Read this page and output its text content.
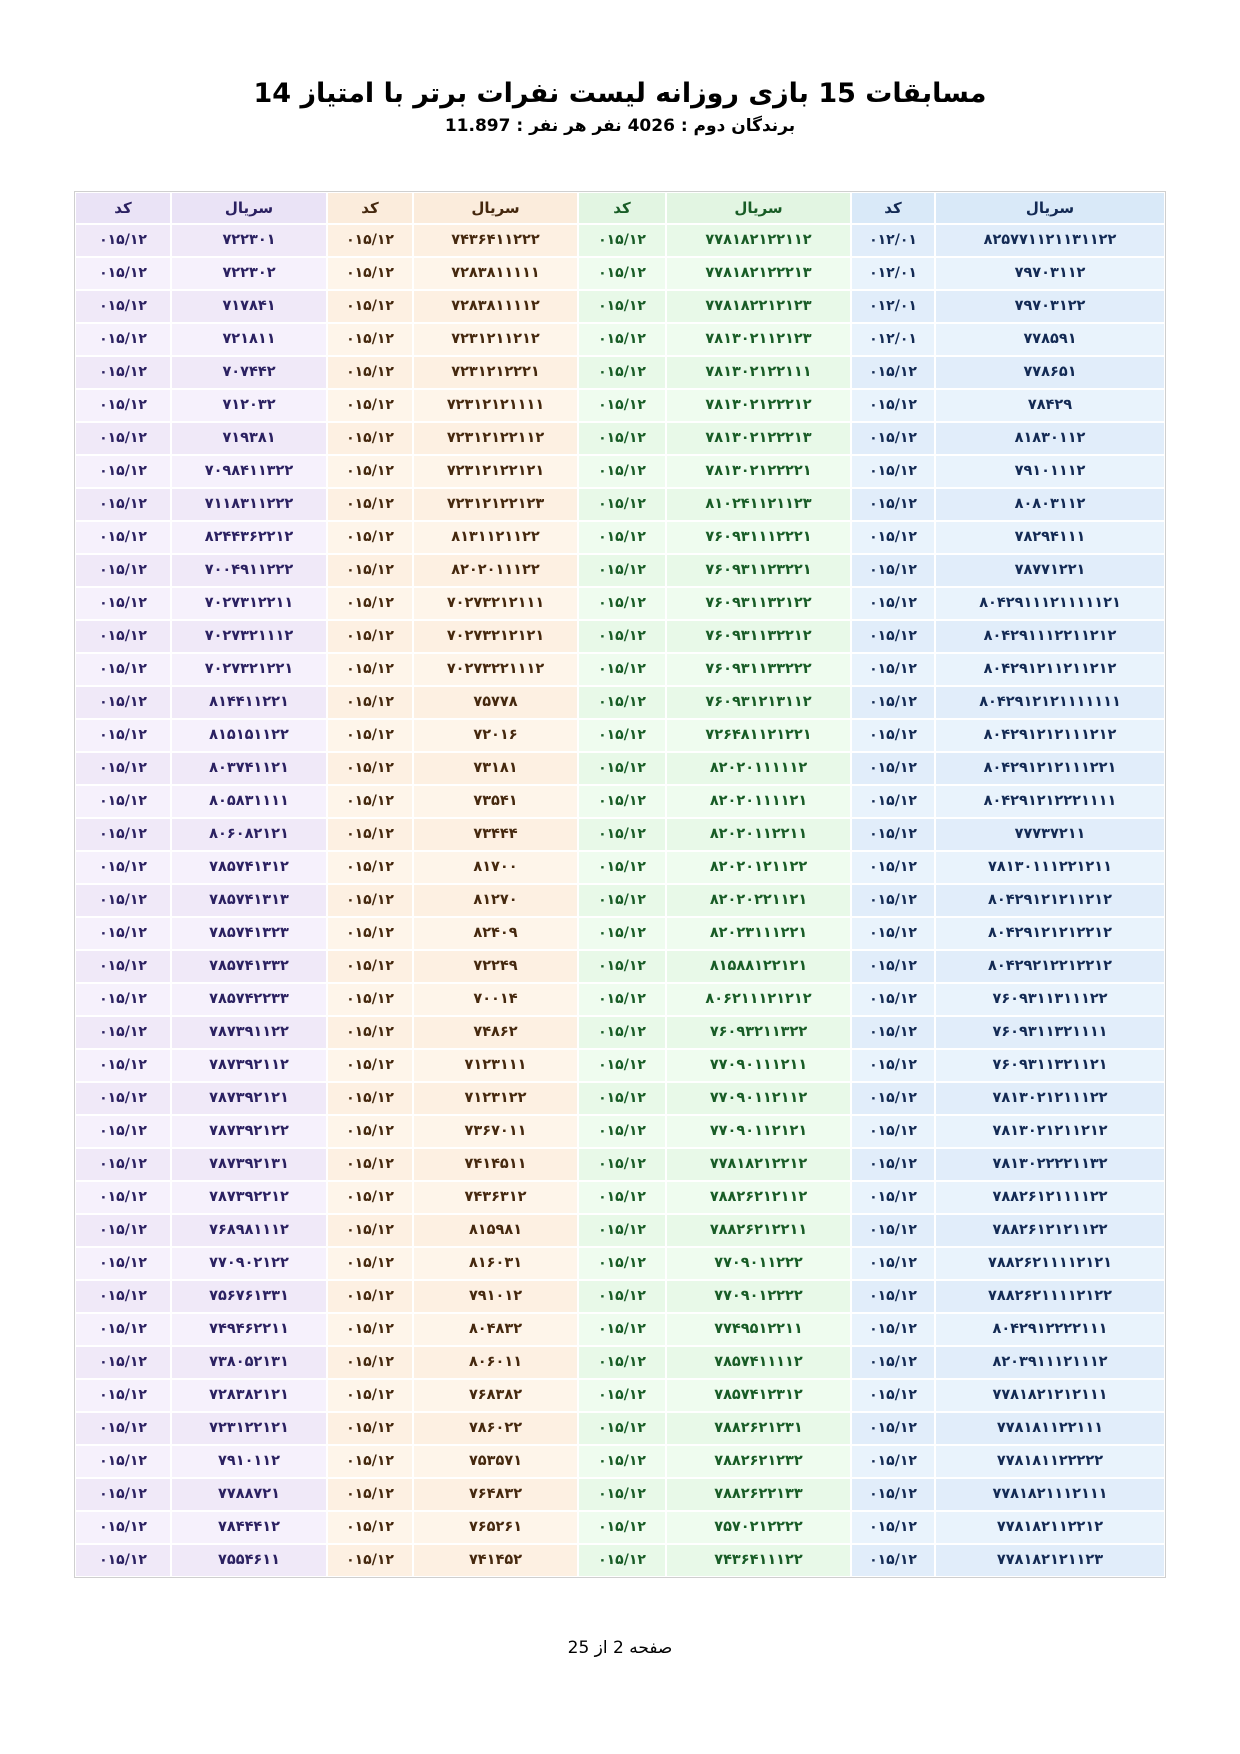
مسابقات 15 بازی روزانه لیست نفرات برتر با امتیاز 14
برندگان دوم : 4026 نفر هر نفر : 11.897
کد	سریال	کد	سریال	کد	سریال	کد	سریال
۰۱۵/۱۲	۷۲۲۳۰۱	۰۱۵/۱۲	۷۴۳۶۴۱۱۲۲۲	۰۱۵/۱۲	۷۷۸۱۸۲۱۲۲۱۱۲	۰۱۲/۰۱	۸۲۵۷۷۱۱۲۱۱۳۱۱۲۲
۰۱۵/۱۲	۷۲۲۳۰۲	۰۱۵/۱۲	۷۲۸۳۸۱۱۱۱۱	۰۱۵/۱۲	۷۷۸۱۸۲۱۲۲۲۱۳	۰۱۲/۰۱	۷۹۷۰۳۱۱۲
۰۱۵/۱۲	۷۱۷۸۴۱	۰۱۵/۱۲	۷۲۸۳۸۱۱۱۱۲	۰۱۵/۱۲	۷۷۸۱۸۲۲۱۲۱۲۳	۰۱۲/۰۱	۷۹۷۰۳۱۲۲
۰۱۵/۱۲	۷۲۱۸۱۱	۰۱۵/۱۲	۷۲۳۱۲۱۱۲۱۲	۰۱۵/۱۲	۷۸۱۳۰۲۱۱۲۱۲۳	۰۱۲/۰۱	۷۷۸۵۹۱
۰۱۵/۱۲	۷۰۷۴۴۲	۰۱۵/۱۲	۷۲۳۱۲۱۲۲۲۱	۰۱۵/۱۲	۷۸۱۳۰۲۱۲۲۱۱۱	۰۱۵/۱۲	۷۷۸۶۵۱
۰۱۵/۱۲	۷۱۲۰۳۲	۰۱۵/۱۲	۷۲۳۱۲۱۲۱۱۱۱	۰۱۵/۱۲	۷۸۱۳۰۲۱۲۲۲۱۲	۰۱۵/۱۲	۷۸۴۲۹
۰۱۵/۱۲	۷۱۹۳۸۱	۰۱۵/۱۲	۷۲۳۱۲۱۲۲۱۱۲	۰۱۵/۱۲	۷۸۱۳۰۲۱۲۲۲۱۳	۰۱۵/۱۲	۸۱۸۳۰۱۱۲
۰۱۵/۱۲	۷۰۹۸۴۱۱۳۲۲	۰۱۵/۱۲	۷۲۳۱۲۱۲۲۱۲۱	۰۱۵/۱۲	۷۸۱۳۰۲۱۲۲۲۲۱	۰۱۵/۱۲	۷۹۱۰۱۱۱۲
۰۱۵/۱۲	۷۱۱۸۳۱۱۲۲۲	۰۱۵/۱۲	۷۲۳۱۲۱۲۲۱۲۳	۰۱۵/۱۲	۸۱۰۲۴۱۱۲۱۱۲۳	۰۱۵/۱۲	۸۰۸۰۳۱۱۲
۰۱۵/۱۲	۸۲۴۴۳۶۲۲۱۲	۰۱۵/۱۲	۸۱۳۱۱۲۱۱۲۲	۰۱۵/۱۲	۷۶۰۹۳۱۱۱۲۲۲۱	۰۱۵/۱۲	۷۸۲۹۴۱۱۱
۰۱۵/۱۲	۷۰۰۴۹۱۱۲۲۲	۰۱۵/۱۲	۸۲۰۲۰۱۱۱۲۲	۰۱۵/۱۲	۷۶۰۹۳۱۱۲۳۲۲۱	۰۱۵/۱۲	۷۸۷۷۱۲۲۱
۰۱۵/۱۲	۷۰۲۷۳۱۲۲۱۱	۰۱۵/۱۲	۷۰۲۷۳۲۱۲۱۱۱	۰۱۵/۱۲	۷۶۰۹۳۱۱۳۲۱۲۲	۰۱۵/۱۲	۸۰۴۲۹۱۱۱۲۱۱۱۱۱۲۱
۰۱۵/۱۲	۷۰۲۷۳۲۱۱۱۲	۰۱۵/۱۲	۷۰۲۷۳۲۱۲۱۲۱	۰۱۵/۱۲	۷۶۰۹۳۱۱۳۲۲۱۲	۰۱۵/۱۲	۸۰۴۲۹۱۱۱۲۲۱۱۲۱۲
۰۱۵/۱۲	۷۰۲۷۳۲۱۲۲۱	۰۱۵/۱۲	۷۰۲۷۳۲۲۱۱۱۲	۰۱۵/۱۲	۷۶۰۹۳۱۱۳۳۲۲۲	۰۱۵/۱۲	۸۰۴۲۹۱۲۱۱۲۱۱۲۱۲
۰۱۵/۱۲	۸۱۴۴۱۱۲۲۱	۰۱۵/۱۲	۷۵۷۷۸	۰۱۵/۱۲	۷۶۰۹۳۱۲۱۳۱۱۲	۰۱۵/۱۲	۸۰۴۲۹۱۲۱۲۱۱۱۱۱۱۱
۰۱۵/۱۲	۸۱۵۱۵۱۱۲۲	۰۱۵/۱۲	۷۲۰۱۶	۰۱۵/۱۲	۷۲۶۴۸۱۱۲۱۲۲۱	۰۱۵/۱۲	۸۰۴۲۹۱۲۱۲۱۱۱۲۱۲
۰۱۵/۱۲	۸۰۳۷۴۱۱۲۱	۰۱۵/۱۲	۷۳۱۸۱	۰۱۵/۱۲	۸۲۰۲۰۱۱۱۱۱۲	۰۱۵/۱۲	۸۰۴۲۹۱۲۱۲۱۱۱۲۲۱
۰۱۵/۱۲	۸۰۵۸۳۱۱۱۱	۰۱۵/۱۲	۷۳۵۴۱	۰۱۵/۱۲	۸۲۰۲۰۱۱۱۱۲۱	۰۱۵/۱۲	۸۰۴۲۹۱۲۱۲۲۲۱۱۱۱
۰۱۵/۱۲	۸۰۶۰۸۲۱۲۱	۰۱۵/۱۲	۷۳۴۴۴	۰۱۵/۱۲	۸۲۰۲۰۱۱۲۲۱۱	۰۱۵/۱۲	۷۷۷۳۷۲۱۱
۰۱۵/۱۲	۷۸۵۷۴۱۳۱۲	۰۱۵/۱۲	۸۱۷۰۰	۰۱۵/۱۲	۸۲۰۲۰۱۲۱۱۲۲	۰۱۵/۱۲	۷۸۱۳۰۱۱۱۲۲۱۲۱۱
۰۱۵/۱۲	۷۸۵۷۴۱۳۱۳	۰۱۵/۱۲	۸۱۲۷۰	۰۱۵/۱۲	۸۲۰۲۰۲۲۱۱۲۱	۰۱۵/۱۲	۸۰۴۲۹۱۲۱۲۱۱۲۱۲
۰۱۵/۱۲	۷۸۵۷۴۱۳۲۳	۰۱۵/۱۲	۸۲۴۰۹	۰۱۵/۱۲	۸۲۰۲۳۱۱۱۲۲۱	۰۱۵/۱۲	۸۰۴۲۹۱۲۱۲۱۲۲۱۲
۰۱۵/۱۲	۷۸۵۷۴۱۳۳۲	۰۱۵/۱۲	۷۲۲۴۹	۰۱۵/۱۲	۸۱۵۸۸۱۲۲۱۲۱	۰۱۵/۱۲	۸۰۴۲۹۲۱۲۲۱۲۲۱۲
۰۱۵/۱۲	۷۸۵۷۴۲۲۳۳	۰۱۵/۱۲	۷۰۰۱۴	۰۱۵/۱۲	۸۰۶۲۱۱۱۲۱۲۱۲	۰۱۵/۱۲	۷۶۰۹۳۱۱۳۱۱۱۲۲
۰۱۵/۱۲	۷۸۷۳۹۱۱۲۲	۰۱۵/۱۲	۷۴۸۶۲	۰۱۵/۱۲	۷۶۰۹۳۲۱۱۳۲۲	۰۱۵/۱۲	۷۶۰۹۳۱۱۳۲۱۱۱۱
۰۱۵/۱۲	۷۸۷۳۹۲۱۱۲	۰۱۵/۱۲	۷۱۲۳۱۱۱	۰۱۵/۱۲	۷۷۰۹۰۱۱۱۲۱۱	۰۱۵/۱۲	۷۶۰۹۳۱۱۳۲۱۱۲۱
۰۱۵/۱۲	۷۸۷۳۹۲۱۲۱	۰۱۵/۱۲	۷۱۲۳۱۲۲	۰۱۵/۱۲	۷۷۰۹۰۱۱۲۱۱۲	۰۱۵/۱۲	۷۸۱۳۰۲۱۲۱۱۱۲۲
۰۱۵/۱۲	۷۸۷۳۹۲۱۲۲	۰۱۵/۱۲	۷۳۶۷۰۱۱	۰۱۵/۱۲	۷۷۰۹۰۱۱۲۱۲۱	۰۱۵/۱۲	۷۸۱۳۰۲۱۲۱۱۲۱۲
۰۱۵/۱۲	۷۸۷۳۹۲۱۳۱	۰۱۵/۱۲	۷۴۱۴۵۱۱	۰۱۵/۱۲	۷۷۸۱۸۲۱۲۲۱۲	۰۱۵/۱۲	۷۸۱۳۰۲۲۲۲۱۱۳۲
۰۱۵/۱۲	۷۸۷۳۹۲۲۱۲	۰۱۵/۱۲	۷۴۳۶۳۱۲	۰۱۵/۱۲	۷۸۸۲۶۲۱۲۱۱۲	۰۱۵/۱۲	۷۸۸۲۶۱۲۱۱۱۱۲۲
۰۱۵/۱۲	۷۶۸۹۸۱۱۱۲	۰۱۵/۱۲	۸۱۵۹۸۱	۰۱۵/۱۲	۷۸۸۲۶۲۱۲۲۱۱	۰۱۵/۱۲	۷۸۸۲۶۱۲۱۲۱۱۲۲
۰۱۵/۱۲	۷۷۰۹۰۲۱۲۲	۰۱۵/۱۲	۸۱۶۰۳۱	۰۱۵/۱۲	۷۷۰۹۰۱۱۲۲۲	۰۱۵/۱۲	۷۸۸۲۶۲۱۱۱۱۲۱۲۱
۰۱۵/۱۲	۷۵۶۷۶۱۳۳۱	۰۱۵/۱۲	۷۹۱۰۱۲	۰۱۵/۱۲	۷۷۰۹۰۱۲۲۲۲	۰۱۵/۱۲	۷۸۸۲۶۲۱۱۱۱۲۱۲۲
۰۱۵/۱۲	۷۴۹۴۶۲۲۱۱	۰۱۵/۱۲	۸۰۴۸۳۲	۰۱۵/۱۲	۷۷۴۹۵۱۲۲۱۱	۰۱۵/۱۲	۸۰۴۲۹۱۲۲۲۲۱۱۱
۰۱۵/۱۲	۷۳۸۰۵۲۱۳۱	۰۱۵/۱۲	۸۰۶۰۱۱	۰۱۵/۱۲	۷۸۵۷۴۱۱۱۱۲	۰۱۵/۱۲	۸۲۰۳۹۱۱۱۲۱۱۱۲
۰۱۵/۱۲	۷۲۸۳۸۲۱۲۱	۰۱۵/۱۲	۷۶۸۳۸۲	۰۱۵/۱۲	۷۸۵۷۴۱۲۳۱۲	۰۱۵/۱۲	۷۷۸۱۸۲۱۲۱۲۱۱۱
۰۱۵/۱۲	۷۲۳۱۲۲۱۲۱	۰۱۵/۱۲	۷۸۶۰۲۲	۰۱۵/۱۲	۷۸۸۲۶۲۱۲۳۱	۰۱۵/۱۲	۷۷۸۱۸۱۱۲۲۱۱۱
۰۱۵/۱۲	۷۹۱۰۱۱۲	۰۱۵/۱۲	۷۵۳۵۷۱	۰۱۵/۱۲	۷۸۸۲۶۲۱۲۳۲	۰۱۵/۱۲	۷۷۸۱۸۱۱۲۲۲۲۲
۰۱۵/۱۲	۷۷۸۸۷۲۱	۰۱۵/۱۲	۷۶۴۸۳۲	۰۱۵/۱۲	۷۸۸۲۶۲۲۱۳۳	۰۱۵/۱۲	۷۷۸۱۸۲۱۱۱۲۱۱۱
۰۱۵/۱۲	۷۸۴۴۴۱۲	۰۱۵/۱۲	۷۶۵۲۶۱	۰۱۵/۱۲	۷۵۷۰۲۱۲۲۲۲	۰۱۵/۱۲	۷۷۸۱۸۲۱۱۲۲۱۲
۰۱۵/۱۲	۷۵۵۴۶۱۱	۰۱۵/۱۲	۷۴۱۴۵۲	۰۱۵/۱۲	۷۴۳۶۴۱۱۱۲۲	۰۱۵/۱۲	۷۷۸۱۸۲۱۲۱۱۲۳
صفحه 2 از 25
